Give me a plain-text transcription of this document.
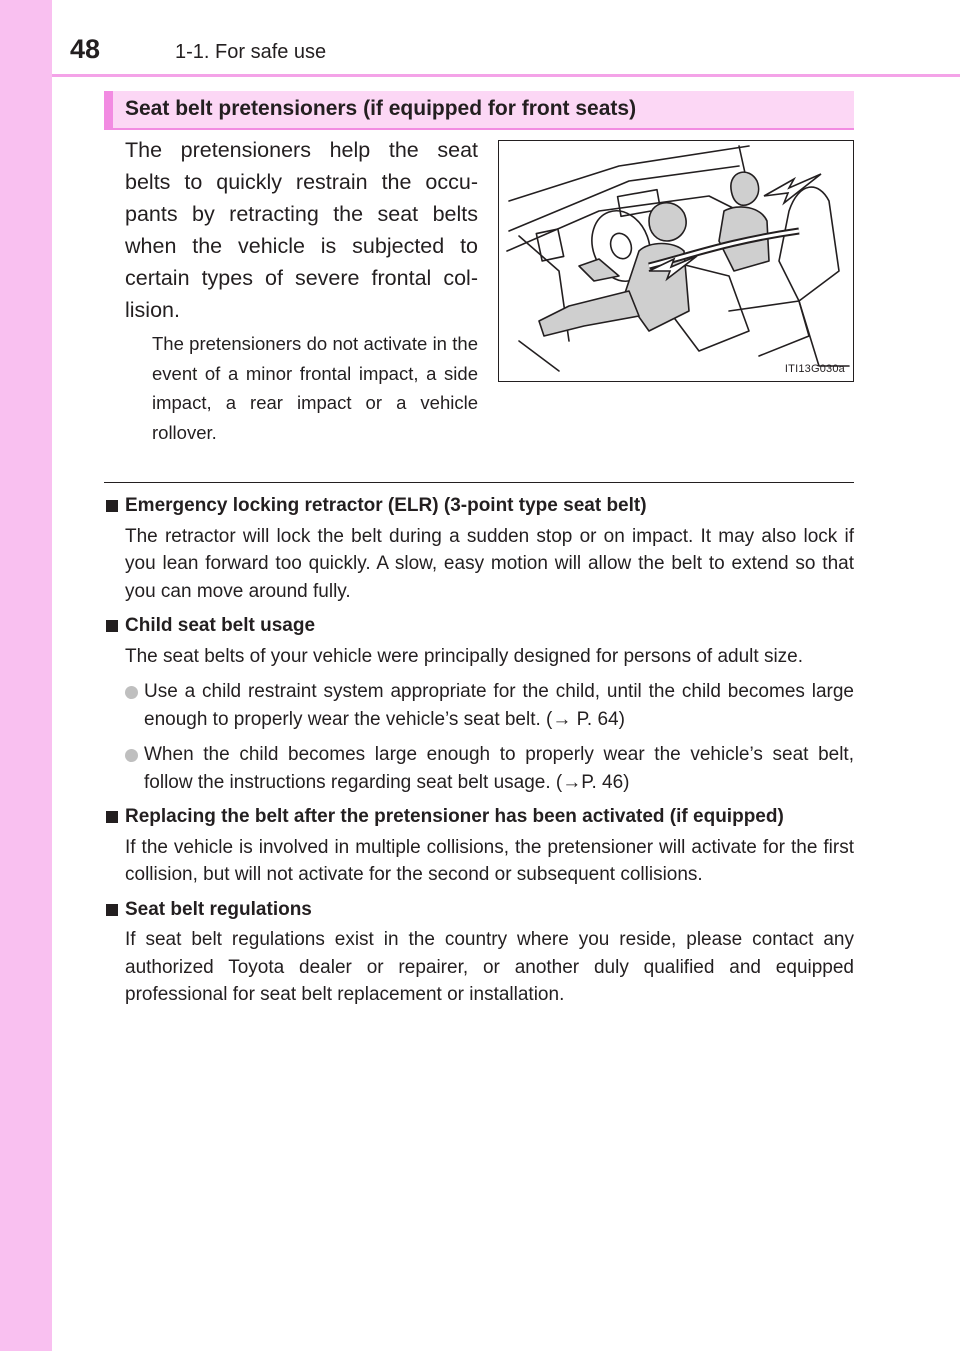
48	1-1. For safe use
Seat belt pretensioners (if equipped for front seats)
The pretensioners help the seat belts to quickly restrain the occu- pants by retracting the seat belts when the vehicle is subjected to certain types of severe frontal col- lision.
The pretensioners do not activate in the event of a minor frontal impact, a side impact, a rear impact or a vehicle rollover.
ITI13G030a
Emergency locking retractor (ELR) (3-point type seat belt)
The retractor will lock the belt during a sudden stop or on impact. It may also lock if you lean forward too quickly. A slow, easy motion will allow the belt to extend so that you can move around fully.
Child seat belt usage
The seat belts of your vehicle were principally designed for persons of adult size.
Use a child restraint system appropriate for the child, until the child becomes large enough to properly wear the vehicle’s seat belt. (→ P. 64)
When the child becomes large enough to properly wear the vehicle’s seat belt, follow the instructions regarding seat belt usage. (→P. 46)
Replacing the belt after the pretensioner has been activated (if equipped)
If the vehicle is involved in multiple collisions, the pretensioner will activate for the first collision, but will not activate for the second or subsequent collisions.
Seat belt regulations
If seat belt regulations exist in the country where you reside, please contact any authorized Toyota dealer or repairer, or another duly qualified and equipped professional for seat belt replacement or installation.
